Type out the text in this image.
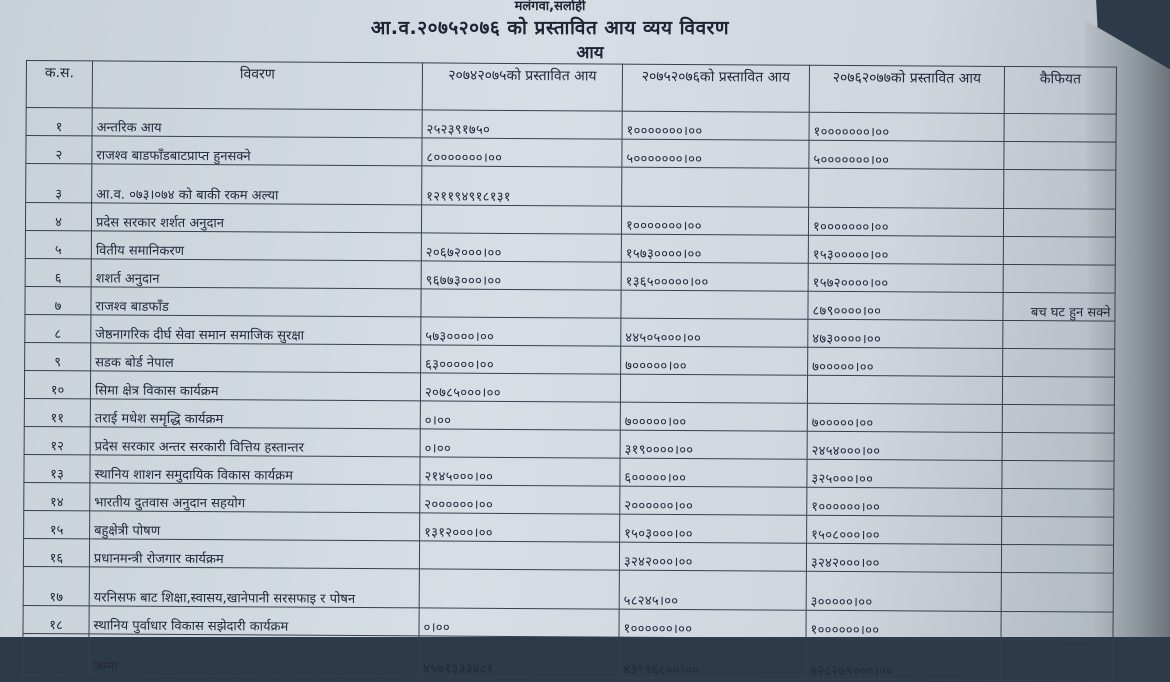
मलंगवा,सर्लाही
आ.व.२०७५२०७६ को प्रस्तावित आय व्यय विवरण
आय
क.स.	विवरण	२०७४२०७५को प्रस्तावित आय	२०७५२०७६को प्रस्तावित आय	२०७६२०७७को प्रस्तावित आय	कैफियत
१	अन्तरिक आय	२५२३९१७५०	१०००००००।००	१०००००००।००	
२	राजश्व बाडफाँडबाटप्राप्त हुनसक्ने	८०००००००।००	५०००००००।००	५०००००००।००	
३	आ.व. ०७३।०७४ को बाकी रकम अल्या	१२११९४९१८१३१			
४	प्रदेस सरकार शर्शत अनुदान		१०००००००।००	१०००००००।००	
५	वितीय समानिकरण	२०६७२०००।००	१५७३००००।००	१५३०००००।००	
६	शशर्त अनुदान	९६७७३०००।००	१३६५०००००।००	१५७२००००।००	
७	राजश्व बाडफाँड			८७९००००।००	बच घट हुन सक्ने
८	जेष्ठनागरिक दीर्घ सेवा समान समाजिक सुरक्षा	५७३००००।००	४४५०५०००।००	४७३००००।००	
९	सडक बोर्ड नेपाल	६३०००००।००	७०००००।००	७०००००।००	
१०	सिमा क्षेत्र विकास कार्यक्रम	२०७८५०००।००			
११	तराई मधेश समृद्धि कार्यक्रम	०।००	७०००००।००	७०००००।००	
१२	प्रदेस सरकार अन्तर सरकारी वित्तिय हस्तान्तर	०।००	३१९००००।००	२४५४०००।००	
१३	स्थानिय शाशन समुदायिक विकास कार्यक्रम	२१४५०००।००	६०००००।००	३२५०००।००	
१४	भारतीय दुतवास अनुदान सहयोग	२००००००।००	२००००००।००	१००००००।००	
१५	बहुक्षेत्री पोषण	१३१२०००।००	१५०३०००।००	१५०८०००।००	
१६	प्रधानमन्त्री रोजगार कार्यक्रम		३२४२०००।००	३२४२०००।००	
१७	यरनिसफ बाट शिक्षा,स्वासय,खानेपानी सरसफाइ र पोषन		५८२४५।००	३०००००।००	
१८	स्थानिय पुर्वाधार विकास सझेदारी कार्यक्रम	०।००	१००००००।००	१००००००।००	
	जम्मा	४५७१३३३४८१	४३९९६८००।००	४२८२७९०००।००	
